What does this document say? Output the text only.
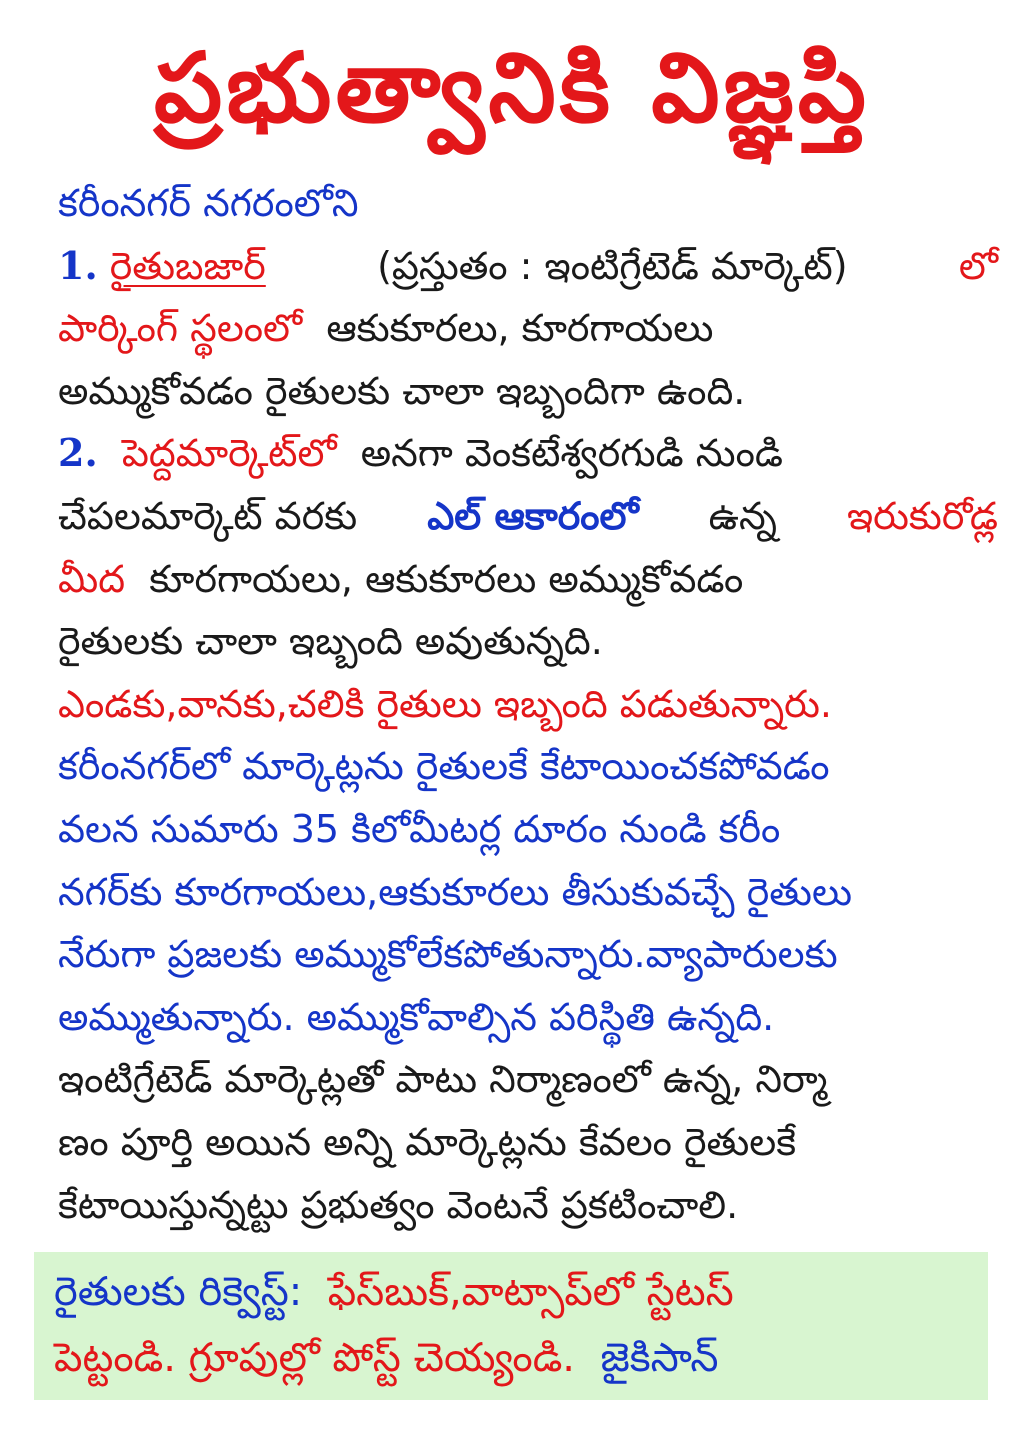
ప్రభుత్వానికి విజ్ఞప్తి
కరీంనగర్ నగరంలోని
1. రైతుబజార్	(ప్రస్తుతం : ఇంటిగ్రేటెడ్ మార్కెట్)	లో
పార్కింగ్ స్థలంలో ఆకుకూరలు, కూరగాయలు
అమ్ముకోవడం రైతులకు చాలా ఇబ్బందిగా ఉంది.
2. పెద్దమార్కెట్‌లో అనగా వెంకటేశ్వరగుడి నుండి
చేపలమార్కెట్ వరకు ఎల్ ఆకారంలో ఉన్న ఇరుకురోడ్ల
మీద కూరగాయలు, ఆకుకూరలు అమ్ముకోవడం
రైతులకు చాలా ఇబ్బంది అవుతున్నది.
ఎండకు,వానకు,చలికి రైతులు ఇబ్బంది పడుతున్నారు.
కరీంనగర్‌లో మార్కెట్లను రైతులకే కేటాయించకపోవడం
వలన సుమారు 35 కిలోమీటర్ల దూరం నుండి కరీం
నగర్‌కు కూరగాయలు,ఆకుకూరలు తీసుకువచ్చే రైతులు
నేరుగా ప్రజలకు అమ్ముకోలేకపోతున్నారు.వ్యాపారులకు
అమ్ముతున్నారు. అమ్ముకోవాల్సిన పరిస్థితి ఉన్నది.
ఇంటిగ్రేటెడ్ మార్కెట్లతో పాటు నిర్మాణంలో ఉన్న, నిర్మా
ణం పూర్తి అయిన అన్ని మార్కెట్లను కేవలం రైతులకే
కేటాయిస్తున్నట్టు ప్రభుత్వం వెంటనే ప్రకటించాలి.
రైతులకు రిక్వెస్ట్: ఫేస్‌బుక్,వాట్సాప్‌లో స్టేటస్
పెట్టండి. గ్రూపుల్లో పోస్ట్ చెయ్యండి. జైకిసాన్
